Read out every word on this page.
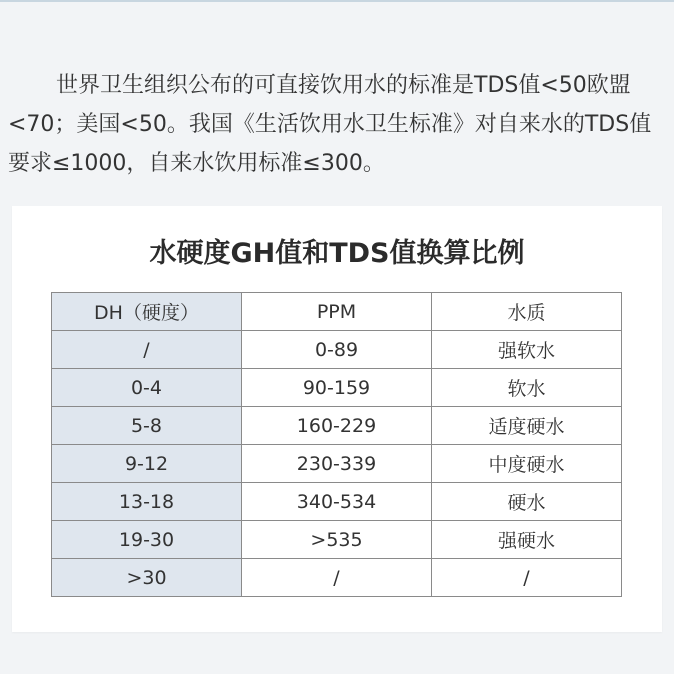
世界卫生组织公布的可直接饮用水的标准是TDS值<50欧盟<70；美国<50。我国《生活饮用水卫生标准》对自来水的TDS值要求≤1000，自来水饮用标准≤300。

水硬度GH值和TDS值换算比例
DH（硬度）	PPM	水质
/	0-89	强软水
0-4	90-159	软水
5-8	160-229	适度硬水
9-12	230-339	中度硬水
13-18	340-534	硬水
19-30	>535	强硬水
>30	/	/
